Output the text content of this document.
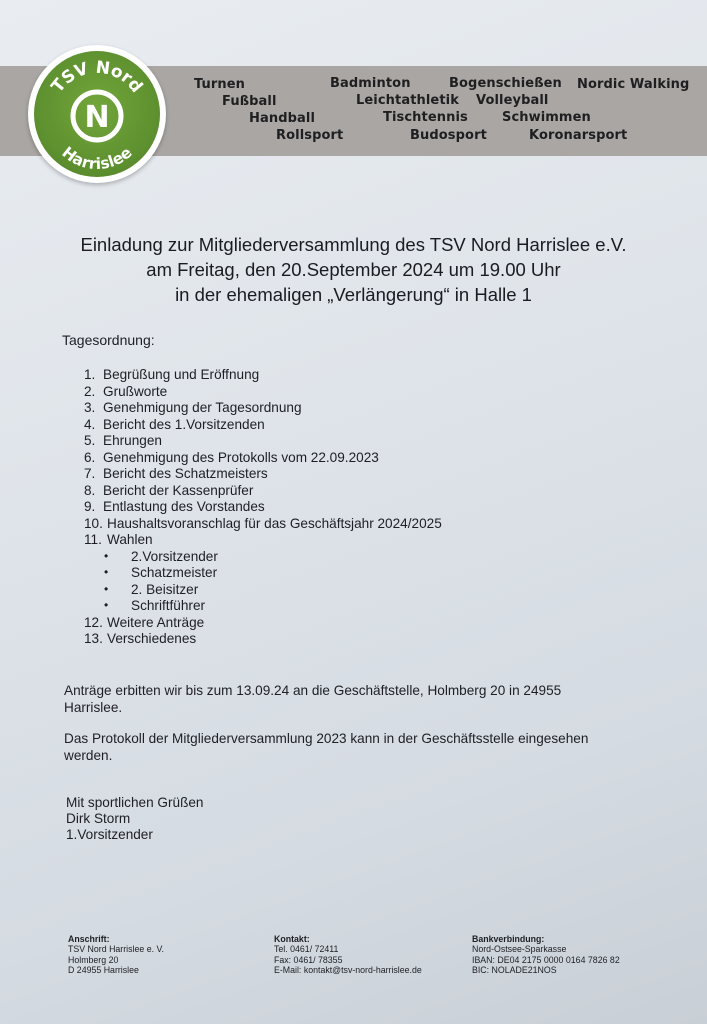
Turnen	Badminton	Bogenschießen Nordic Walking
Fußball	Leichtathletik Volleyball
Handball	Tischtennis	Schwimmen
Rollsport	Budosport	Koronarsport
TSV Nord
Harrislee
N
Einladung zur Mitgliederversammlung des TSV Nord Harrislee e.V.
am Freitag, den 20.September 2024 um 19.00 Uhr
in der ehemaligen „Verlängerung“ in Halle 1
Tagesordnung:
1. Begrüßung und Eröffnung
2. Grußworte
3. Genehmigung der Tagesordnung
4. Bericht des 1.Vorsitzenden
5. Ehrungen
6. Genehmigung des Protokolls vom 22.09.2023
7. Bericht des Schatzmeisters
8. Bericht der Kassenprüfer
9. Entlastung des Vorstandes
10. Haushaltsvoranschlag für das Geschäftsjahr 2024/2025
11. Wahlen
• 2.Vorsitzender
• Schatzmeister
• 2. Beisitzer
• Schriftführer
12. Weitere Anträge
13. Verschiedenes
Anträge erbitten wir bis zum 13.09.24 an die Geschäftstelle, Holmberg 20 in 24955
Harrislee.
Das Protokoll der Mitgliederversammlung 2023 kann in der Geschäftsstelle eingesehen
werden.
Mit sportlichen Grüßen
Dirk Storm
1.Vorsitzender
Anschrift:
TSV Nord Harrislee e. V.
Holmberg 20
D 24955 Harrislee
Kontakt:
Tel. 0461/ 72411
Fax: 0461/ 78355
E-Mail: kontakt@tsv-nord-harrislee.de
Bankverbindung:
Nord-Ostsee-Sparkasse
IBAN: DE04 2175 0000 0164 7826 82
BIC: NOLADE21NOS
